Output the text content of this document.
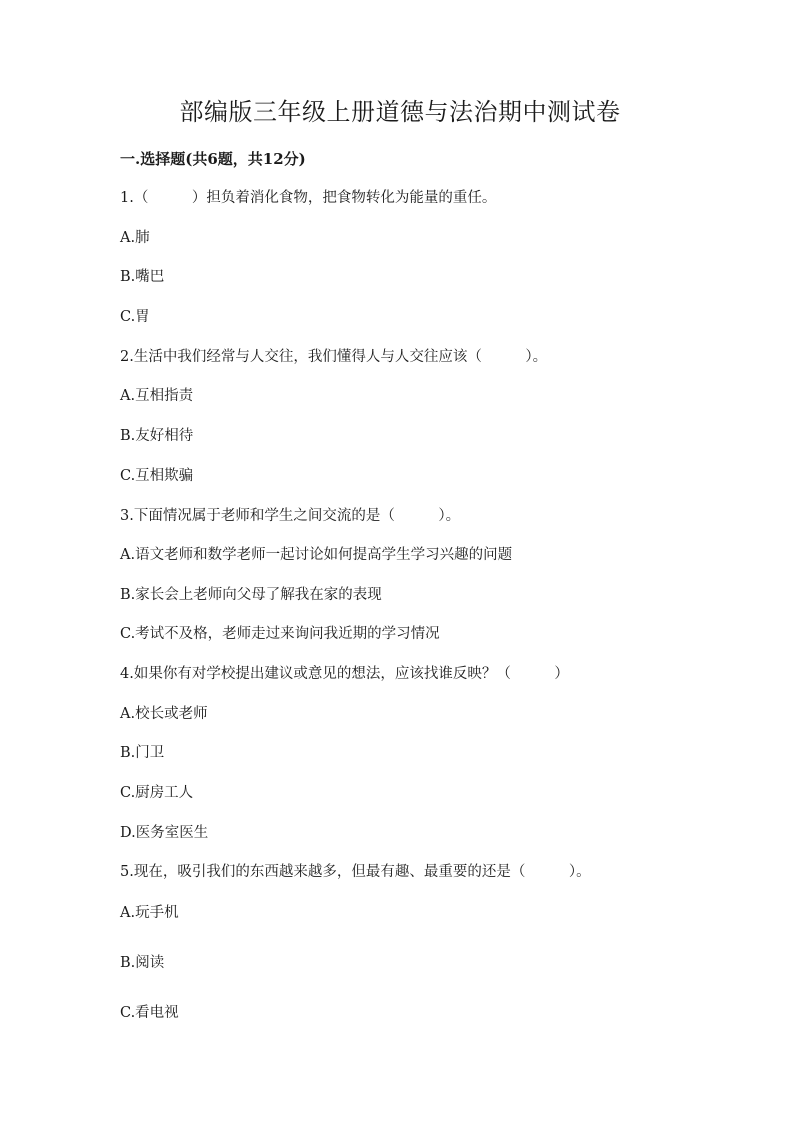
部编版三年级上册道德与法治期中测试卷
一.选择题(共6题，共12分)
1.（　　　）担负着消化食物，把食物转化为能量的重任。
A.肺
B.嘴巴
C.胃
2.生活中我们经常与人交往，我们懂得人与人交往应该（　　　）。
A.互相指责
B.友好相待
C.互相欺骗
3.下面情况属于老师和学生之间交流的是（　　　）。
A.语文老师和数学老师一起讨论如何提高学生学习兴趣的问题
B.家长会上老师向父母了解我在家的表现
C.考试不及格，老师走过来询问我近期的学习情况
4.如果你有对学校提出建议或意见的想法，应该找谁反映？（　　　）
A.校长或老师
B.门卫
C.厨房工人
D.医务室医生
5.现在，吸引我们的东西越来越多，但最有趣、最重要的还是（　　　）。
A.玩手机
B.阅读
C.看电视
